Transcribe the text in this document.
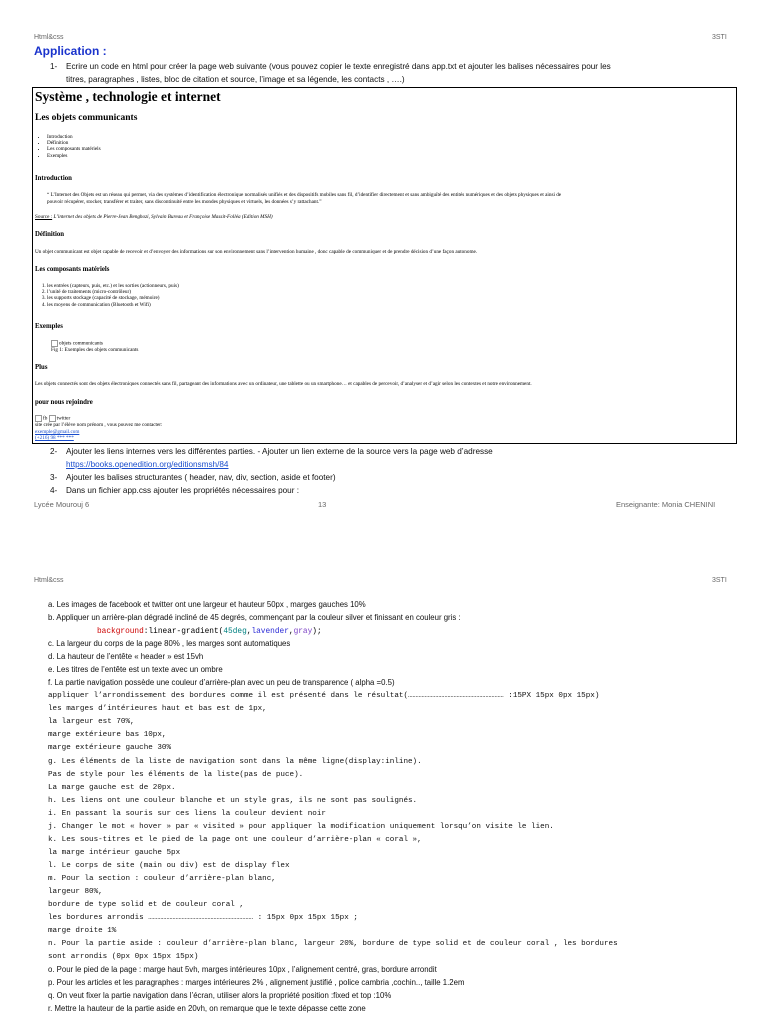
Html&css	3STI
Application :
1- Ecrire un code en html pour créer la page web suivante (vous pouvez copier le texte enregistré dans app.txt et ajouter les balises nécessaires pour les
titres, paragraphes , listes, bloc de citation et source, l’image et sa légende, les contacts , ….)
Système , technologie et internet
Les objets communicants
• Introduction
• Définition
• Les composants matériels
• Exemples
Introduction
“ L’Internet des Objets est un réseau qui permet, via des systèmes d’identification électronique normalisés unifiés et des dispositifs mobiles sans fil, d’identifier directement et sans ambiguïté des entités numériques et des objets physiques et ainsi de
pouvoir récupérer, stocker, transférer et traiter, sans discontinuité entre les mondes physiques et virtuels, les données s’y rattachant.”
Source : L’internet des objets de Pierre-Jean Benghozi, Sylvain Bureau et Françoise Massit-Folléa (Edition MSH)
Définition
Un objet communicant est objet capable de recevoir et d’envoyer des informations sur son environnement sans l’intervention humaine , donc capable de communiquer et de prendre décision d’une façon autonome.
Les composants matériels
1. les entrées (capteurs, puis, etc.) et les sorties (actionneurs, puis)
2. l’unité de traitements (micro-contrôleur)
3. les supports stockage (capacité de stockage, mémoire)
4. les moyens de communication (Bluetooth et Wifi)
Exemples
objets communicants
Fig 1: Exemples des objets communicants
Plus
Les objets connectés sont des objets électroniques connectés sans fil, partageant des informations avec un ordinateur, une tablette ou un smartphone… et capables de percevoir, d’analyser et d’agir selon les contextes et notre environnement.
pour nous rejoindre
fb twitter
site crée par l’élève nom prénom , vous pouvez me contacter:
exemple@gmail.com
(+216) 98 *** ***
2- Ajouter les liens internes vers les différentes parties. - Ajouter un lien externe de la source vers la page web d’adresse
https://books.openedition.org/editionsmsh/84
3- Ajouter les balises structurantes ( header, nav, div, section, aside et footer)
4- Dans un fichier app.css ajouter les propriétés nécessaires pour :
Lycée Mourouj 6	13	Enseignante: Monia CHENINI
Html&css	3STI
a. Les images de facebook et twitter ont une largeur et hauteur 50px , marges gauches 10%
b. Appliquer un arrière-plan dégradé incliné de 45 degrés, commençant par la couleur silver et finissant en couleur gris :
background:linear-gradient(45deg,lavender,gray);
c. La largeur du corps de la page 80% , les marges sont automatiques
d. La hauteur de l’entête « header » est 15vh
e. Les titres de l’entête est un texte avec un ombre
f. La partie navigation possède une couleur d’arrière-plan avec un peu de transparence ( alpha =0.5)
appliquer l’arrondissement des bordures comme il est présenté dans le résultat(……………………………………………………… :15PX 15px 0px 15px)
les marges d’intérieures haut et bas est de 1px,
la largeur est 70%,
marge extérieure bas 10px,
marge extérieure gauche 30%
g. Les éléments de la liste de navigation sont dans la même ligne(display:inline).
Pas de style pour les éléments de la liste(pas de puce).
La marge gauche est de 20px.
h. Les liens ont une couleur blanche et un style gras, ils ne sont pas soulignés.
i. En passant la souris sur ces liens la couleur devient noir
j. Changer le mot « hover » par « visited » pour appliquer la modification uniquement lorsqu’on visite le lien.
k. Les sous-titres et le pied de la page ont une couleur d’arrière-plan « coral »,
la marge intérieur gauche 5px
l. Le corps de site (main ou div) est de display flex
m. Pour la section : couleur d’arrière-plan blanc,
largeur 80%,
bordure de type solid et de couleur coral ,
les bordures arrondis …………………………………………………………… : 15px 0px 15px 15px ;
marge droite 1%
n. Pour la partie aside : couleur d’arrière-plan blanc, largeur 20%, bordure de type solid et de couleur coral , les bordures
sont arrondis (0px 0px 15px 15px)
o. Pour le pied de la page : marge haut 5vh, marges intérieures 10px , l’alignement centré, gras, bordure arrondit
p. Pour les articles et les paragraphes : marges intérieures 2% , alignement justifié , police cambria ,cochin.., taille 1.2em
q. On veut fixer la partie navigation dans l’écran, utiliser alors la propriété position :fixed et top :10%
r. Mettre la hauteur de la partie aside en 20vh, on remarque que le texte dépasse cette zone
